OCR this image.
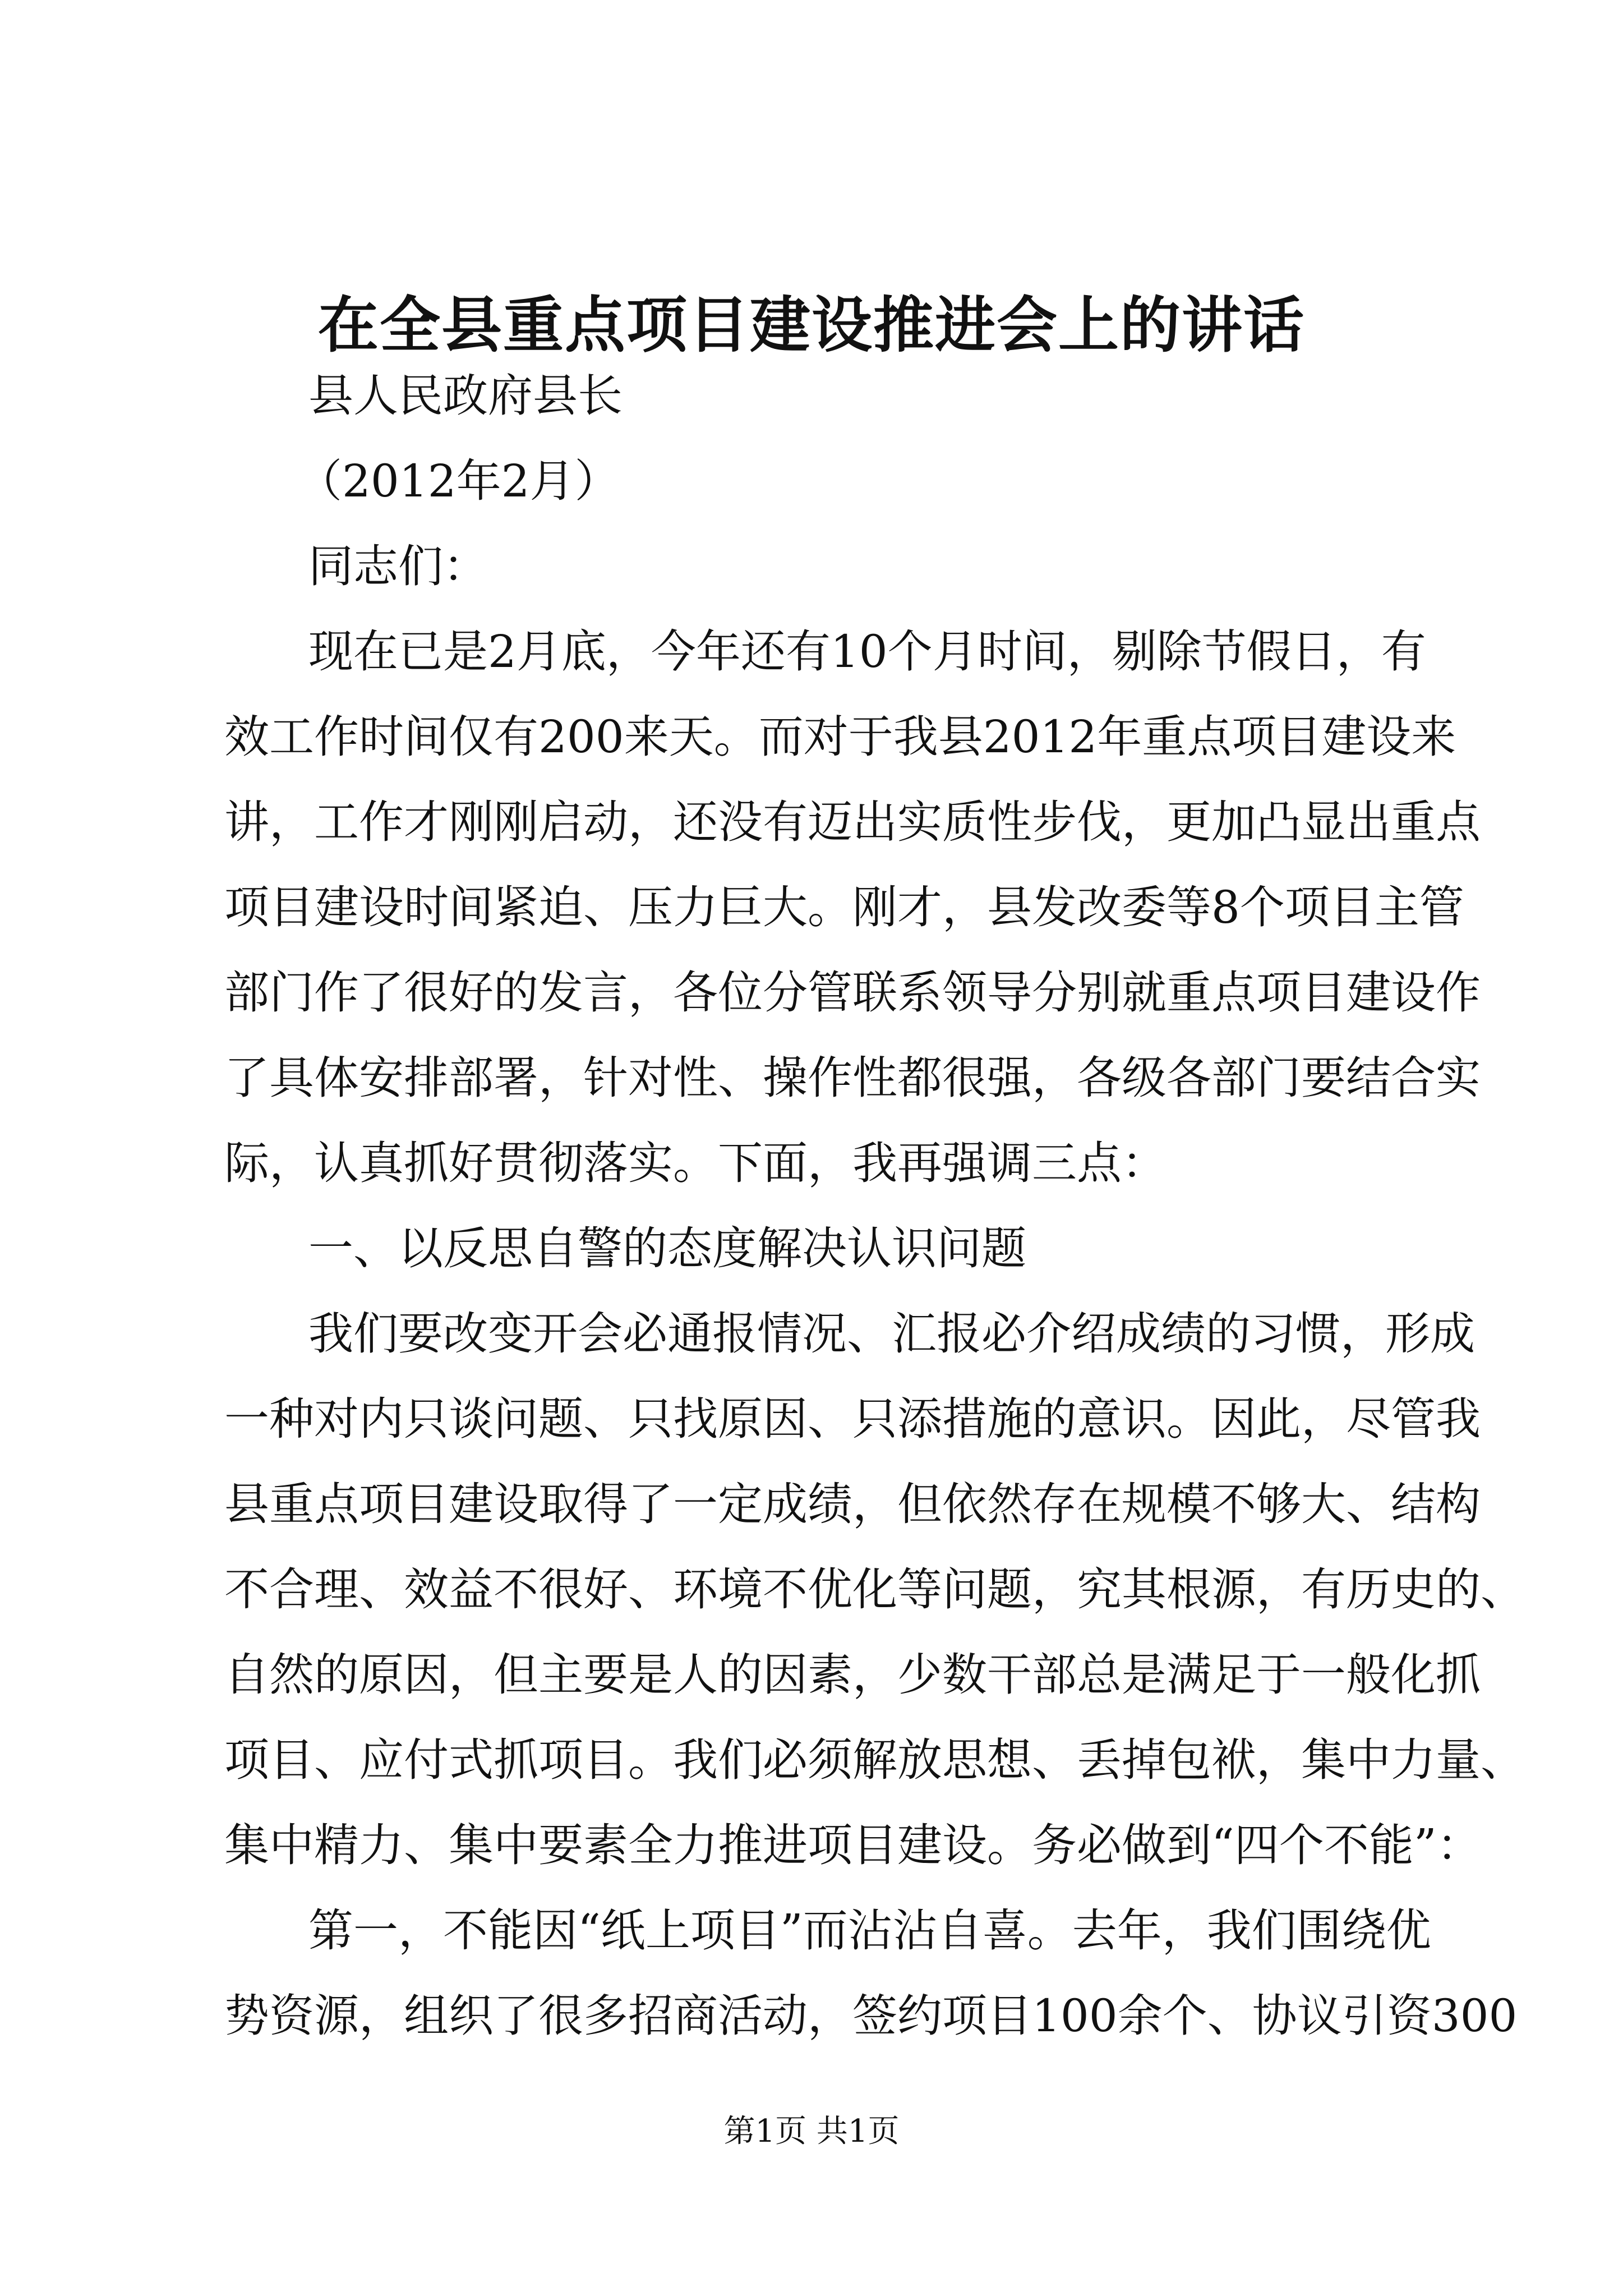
在全县重点项目建设推进会上的讲话

县人民政府县长

（2012年2月）

同志们：

现在已是2月底，今年还有10个月时间，剔除节假日，有

效工作时间仅有200来天。而对于我县2012年重点项目建设来

讲，工作才刚刚启动，还没有迈出实质性步伐，更加凸显出重点

项目建设时间紧迫、压力巨大。刚才，县发改委等8个项目主管

部门作了很好的发言，各位分管联系领导分别就重点项目建设作

了具体安排部署，针对性、操作性都很强，各级各部门要结合实

际，认真抓好贯彻落实。下面，我再强调三点：

一、以反思自警的态度解决认识问题

我们要改变开会必通报情况、汇报必介绍成绩的习惯，形成

一种对内只谈问题、只找原因、只添措施的意识。因此，尽管我

县重点项目建设取得了一定成绩，但依然存在规模不够大、结构

不合理、效益不很好、环境不优化等问题，究其根源，有历史的、

自然的原因，但主要是人的因素，少数干部总是满足于一般化抓

项目、应付式抓项目。我们必须解放思想、丢掉包袱，集中力量、

集中精力、集中要素全力推进项目建设。务必做到“四个不能”：

第一，不能因“纸上项目”而沾沾自喜。去年，我们围绕优

势资源，组织了很多招商活动，签约项目100余个、协议引资300

第1页 共1页
